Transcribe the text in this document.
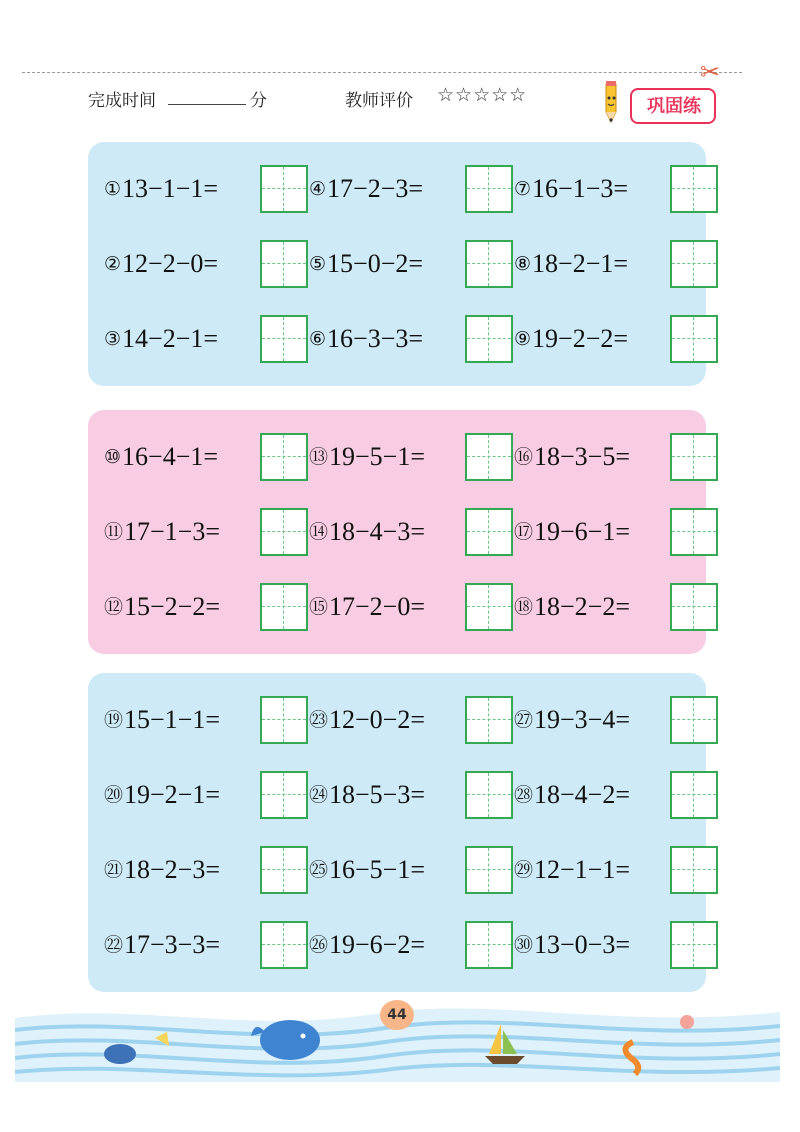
✂
完成时间	分	教师评价 ☆☆☆☆☆
巩固练
①13−1−1=	④17−2−3=	⑦16−1−3=
②12−2−0=	⑤15−0−2=	⑧18−2−1=
③14−2−1=	⑥16−3−3=	⑨19−2−2=
⑩16−4−1=	⑬19−5−1=	⑯18−3−5=
⑪17−1−3=	⑭18−4−3=	⑰19−6−1=
⑫15−2−2=	⑮17−2−0=	⑱18−2−2=
⑲15−1−1=	㉓12−0−2=	㉗19−3−4=
⑳19−2−1=	㉔18−5−3=	㉘18−4−2=
㉑18−2−3=	㉕16−5−1=	㉙12−1−1=
㉒17−3−3=	㉖19−6−2=	㉚13−0−3=
44
